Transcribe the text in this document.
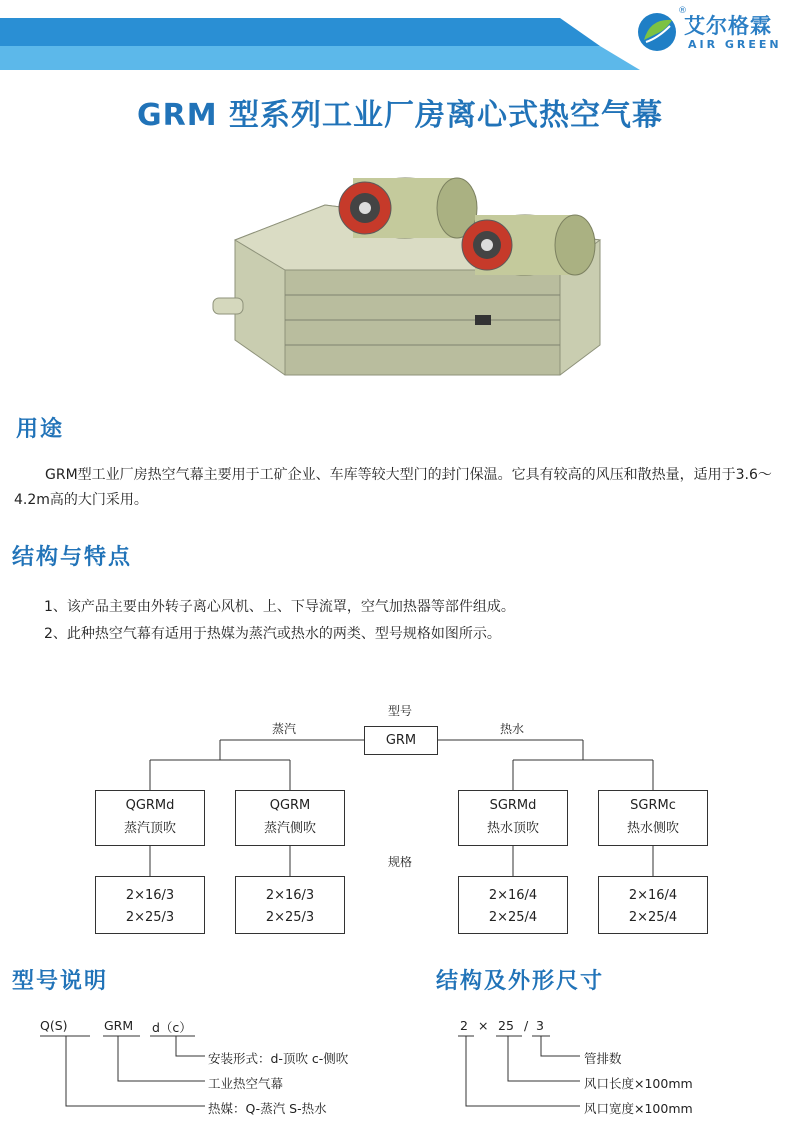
®
艾尔格霖
AIR GREEN
GRM 型系列工业厂房离心式热空气幕
用途
GRM型工业厂房热空气幕主要用于工矿企业、车库等较大型门的封门保温。它具有较高的风压和散热量，适用于3.6～4.2m高的大门采用。
结构与特点
1、该产品主要由外转子离心风机、上、下导流罩，空气加热器等部件组成。
2、此种热空气幕有适用于热媒为蒸汽或热水的两类、型号规格如图所示。
型号
蒸汽	热水
GRM
规格
QGRMd
蒸汽顶吹
QGRM
蒸汽侧吹
SGRMd
热水顶吹
SGRMc
热水侧吹
2×16/3
2×25/3
2×16/3
2×25/3
2×16/4
2×25/4
2×16/4
2×25/4
型号说明	结构及外形尺寸
Q(S)	GRM d（c）
安装形式：d-顶吹 c-侧吹
工业热空气幕
热媒：Q-蒸汽 S-热水
2 × 25 / 3
管排数
风口长度×100mm
风口宽度×100mm
